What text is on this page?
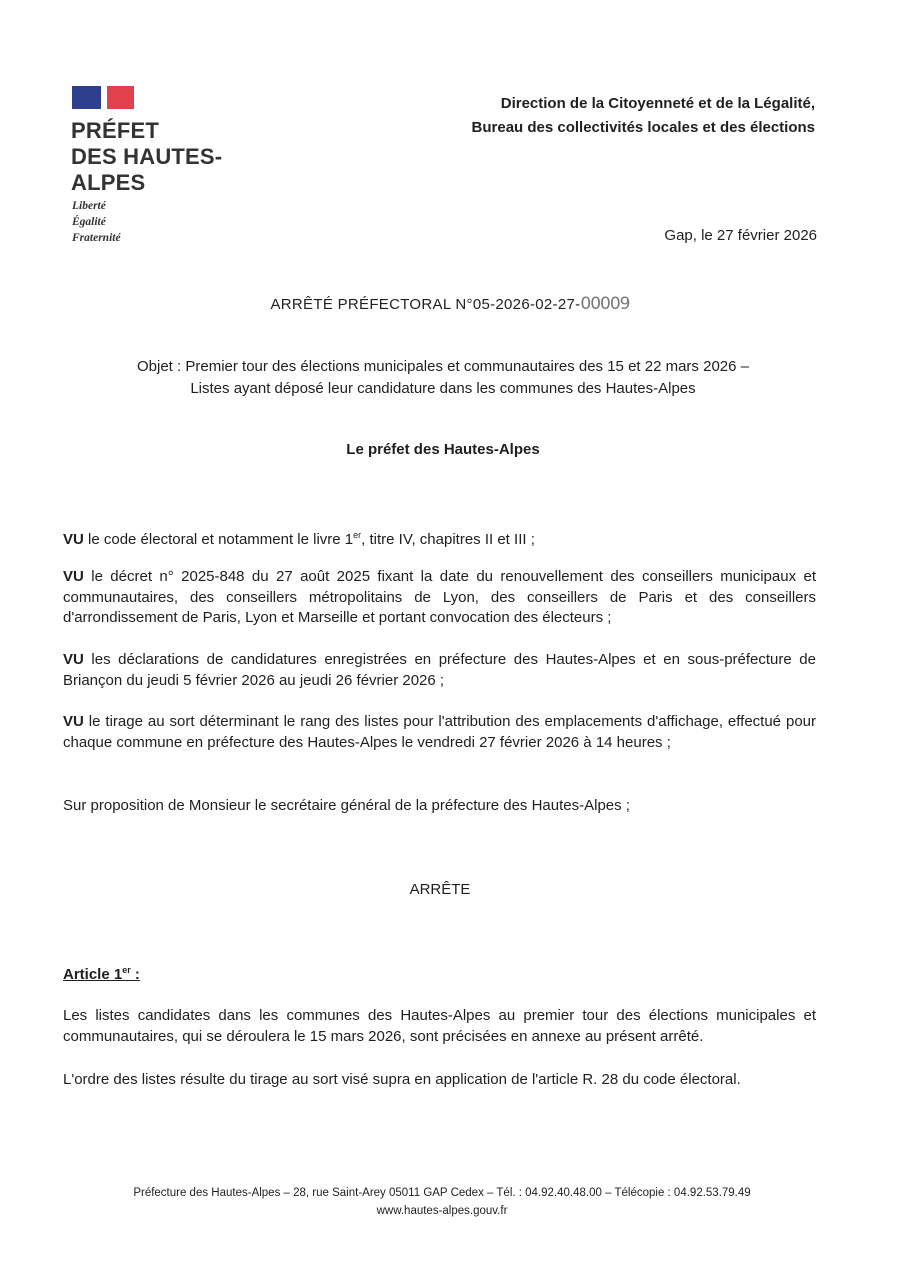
PRÉFET
DES HAUTES-
ALPES
Liberté
Égalité
Fraternité
Direction de la Citoyenneté et de la Légalité,
Bureau des collectivités locales et des élections
Gap, le 27 février 2026
ARRÊTÉ PRÉFECTORAL N°05-2026-02-27-00009
Objet : Premier tour des élections municipales et communautaires des 15 et 22 mars 2026 –
Listes ayant déposé leur candidature dans les communes des Hautes-Alpes
Le préfet des Hautes-Alpes
VU le code électoral et notamment le livre 1er, titre IV, chapitres II et III ;
VU le décret n° 2025-848 du 27 août 2025 fixant la date du renouvellement des conseillers municipaux et communautaires, des conseillers métropolitains de Lyon, des conseillers de Paris et des conseillers d'arrondissement de Paris, Lyon et Marseille et portant convocation des électeurs ;
VU les déclarations de candidatures enregistrées en préfecture des Hautes-Alpes et en sous-préfecture de Briançon du jeudi 5 février 2026 au jeudi 26 février 2026 ;
VU le tirage au sort déterminant le rang des listes pour l'attribution des emplacements d'affichage, effectué pour chaque commune en préfecture des Hautes-Alpes le vendredi 27 février 2026 à 14 heures ;
Sur proposition de Monsieur le secrétaire général de la préfecture des Hautes-Alpes ;
ARRÊTE
Article 1er :
Les listes candidates dans les communes des Hautes-Alpes au premier tour des élections municipales et communautaires, qui se déroulera le 15 mars 2026, sont précisées en annexe au présent arrêté.
L'ordre des listes résulte du tirage au sort visé supra en application de l'article R. 28 du code électoral.
Préfecture des Hautes-Alpes – 28, rue Saint-Arey 05011 GAP Cedex – Tél. : 04.92.40.48.00 – Télécopie : 04.92.53.79.49
www.hautes-alpes.gouv.fr
